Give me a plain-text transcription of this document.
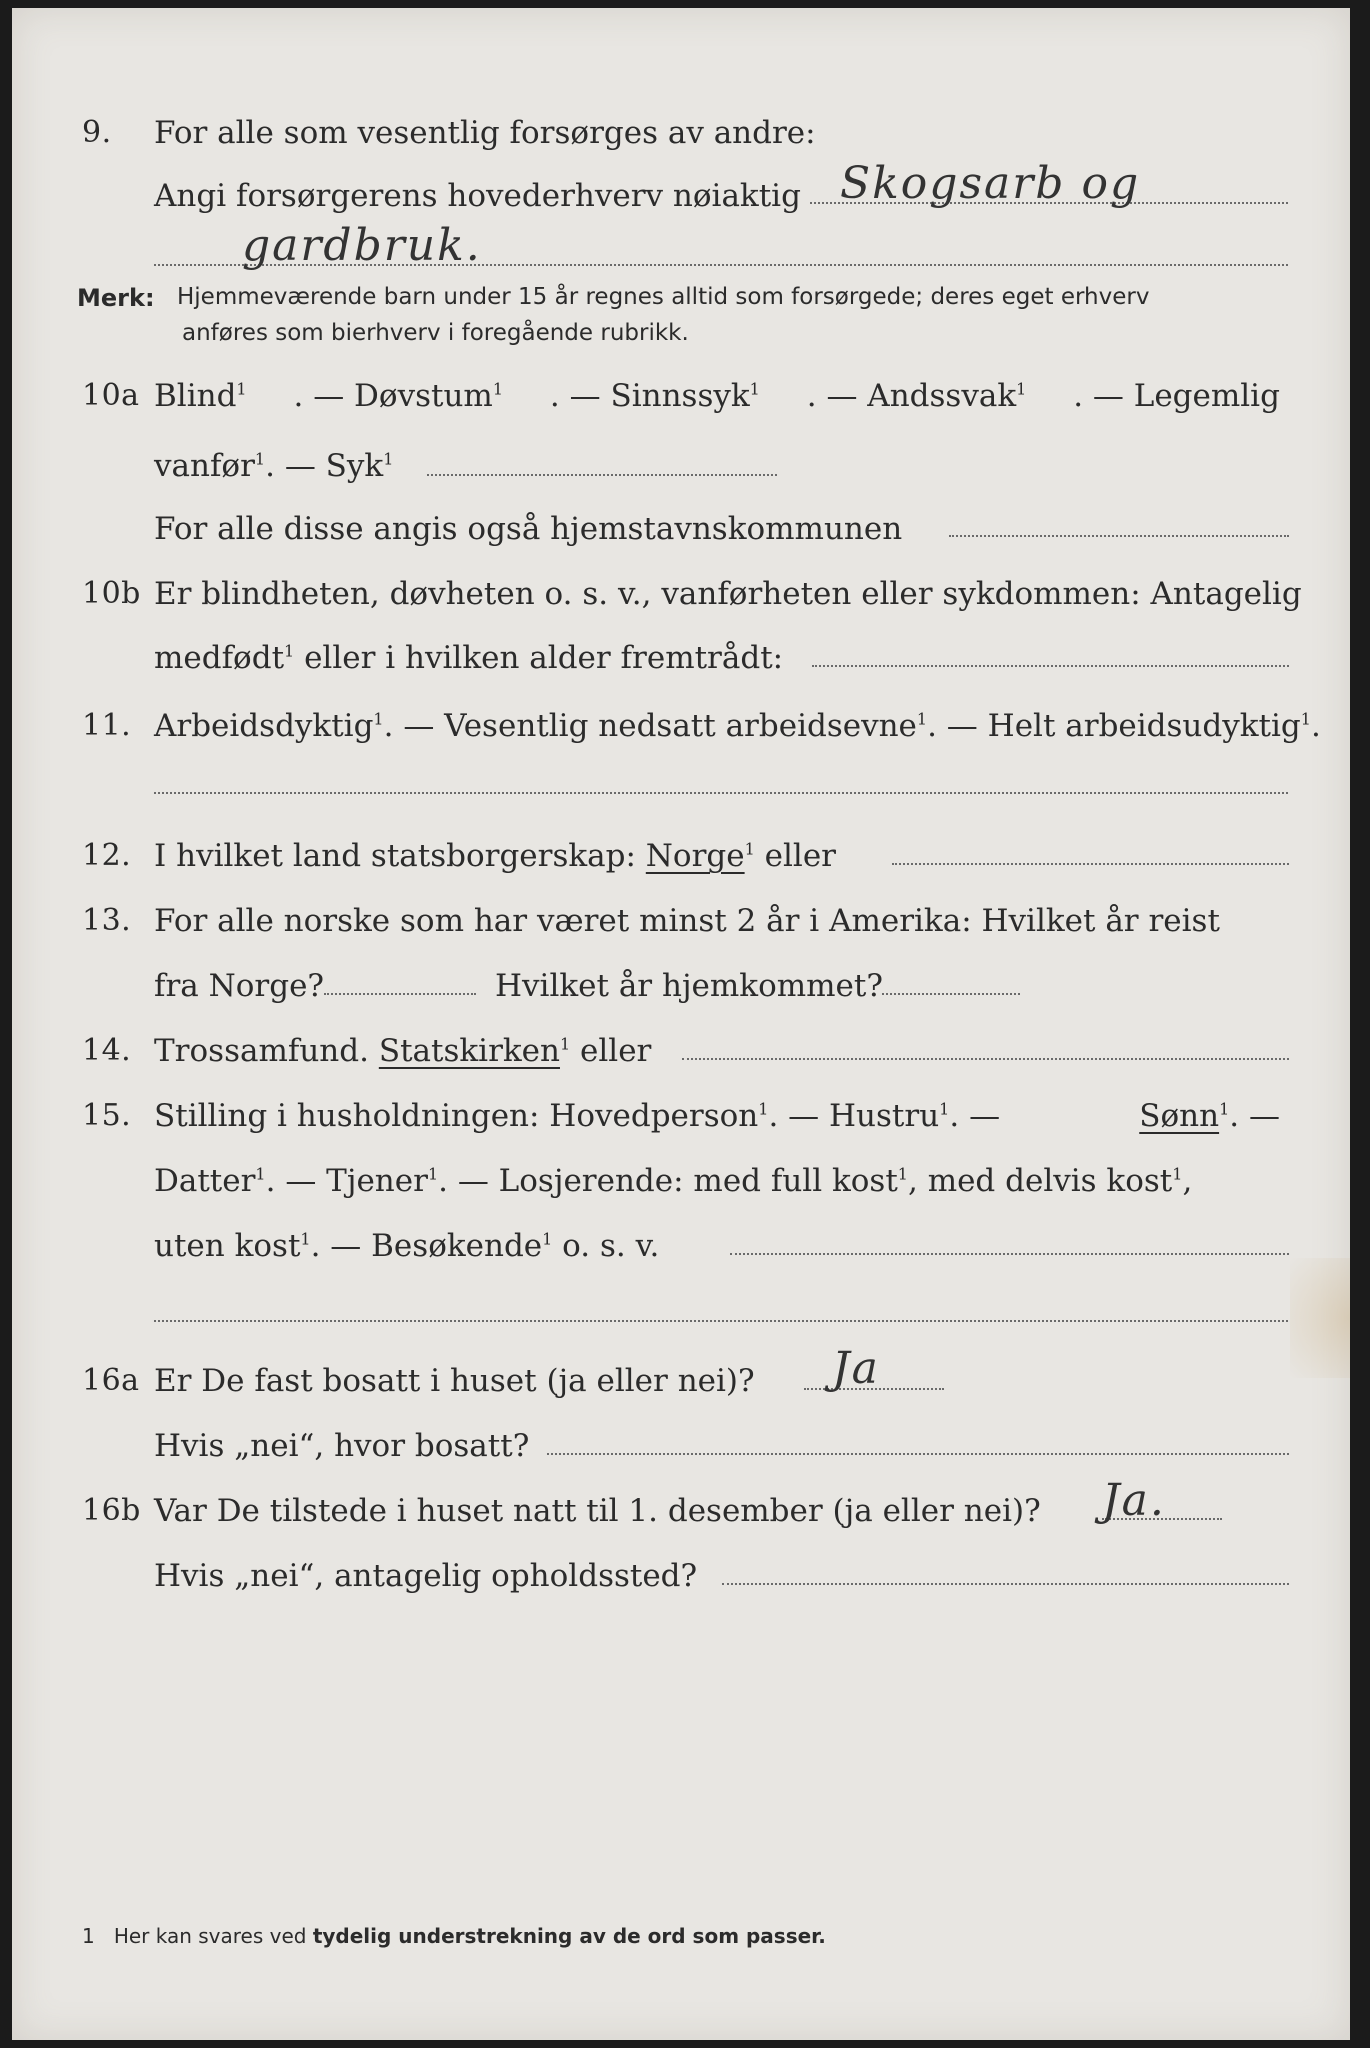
9.	For alle som vesentlig forsørges av andre:
Angi forsørgerens hovederhverv nøiaktig Skogsarb og
gardbruk.
Merk: Hjemmeværende barn under 15 år regnes alltid som forsørgede; deres eget erhverv
anføres som bierhverv i foregående rubrikk.
10a Blind$^1$ . — Døvstum$^1$ . — Sinnssyk$^1$ . — Andssvak$^1$ . — Legemlig
vanfør$^1$. — Syk$^1$
For alle disse angis også hjemstavnskommunen
10b Er blindheten, døvheten o. s. v., vanførheten eller sykdommen: Antagelig
medfødt$^1$ eller i hvilken alder fremtrådt:
11. Arbeidsdyktig$^1$. — Vesentlig nedsatt arbeidsevne$^1$. — Helt arbeidsudyktig$^1$.
12. I hvilket land statsborgerskap: Norge$^1$ eller
13. For alle norske som har været minst 2 år i Amerika: Hvilket år reist
fra Norge?	Hvilket år hjemkommet?
14. Trossamfund. Statskirken$^1$ eller
15. Stilling i husholdningen: Hovedperson$^1$. — Hustru$^1$. —	Sønn$^1$. —
Datter$^1$. — Tjener$^1$. — Losjerende: med full kost$^1$, med delvis kost$^1$,
uten kost$^1$. — Besøkende$^1$ o. s. v.
16a Er De fast bosatt i huset (ja eller nei)?	Ja
Hvis „nei“, hvor bosatt?
16b Var De tilstede i huset natt til 1. desember (ja eller nei)?	Ja.
Hvis „nei“, antagelig opholdssted?
1 Her kan svares ved tydelig understrekning av de ord som passer.
